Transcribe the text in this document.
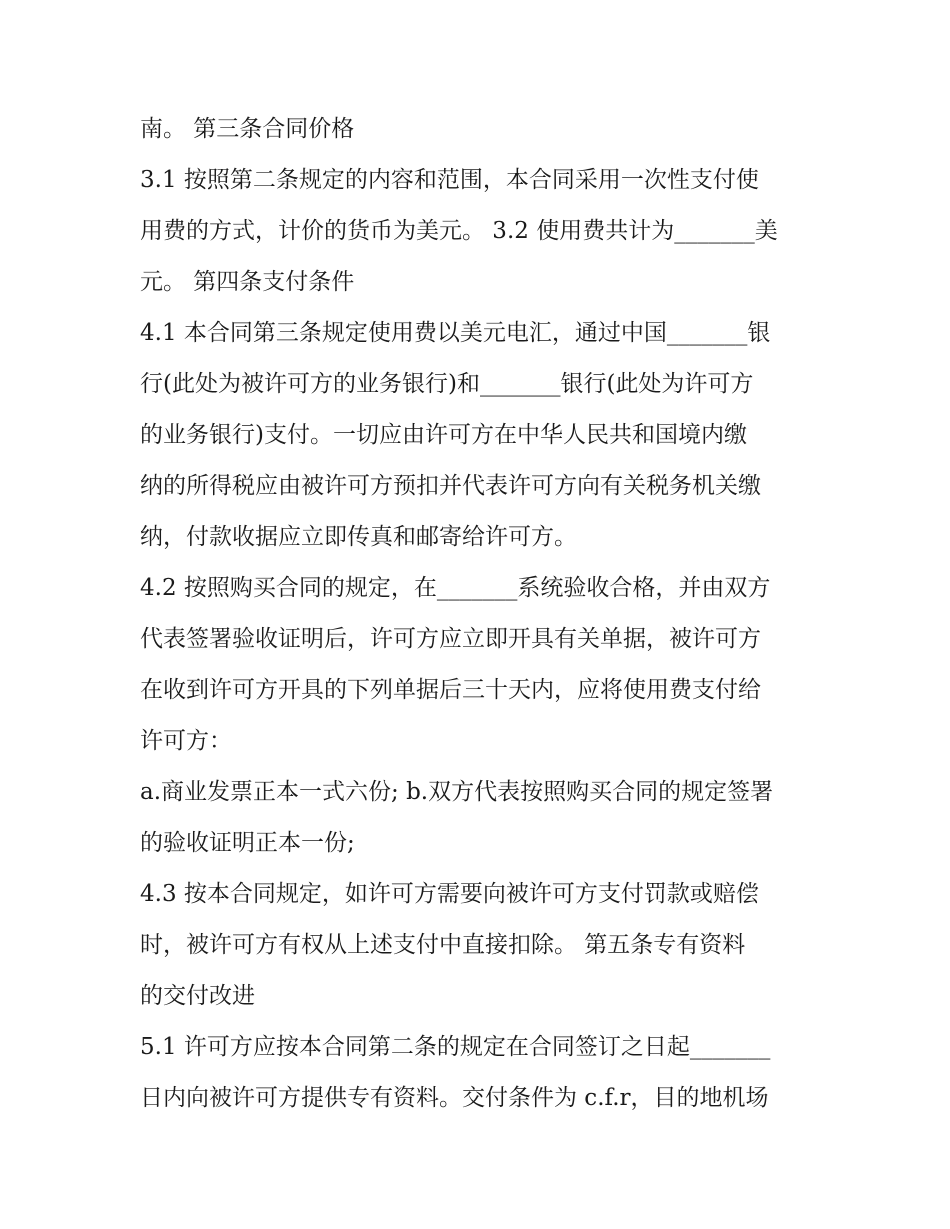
南。 第三条合同价格
3.1 按照第二条规定的内容和范围，本合同采用一次性支付使
用费的方式，计价的货币为美元。 3.2 使用费共计为_______美
元。 第四条支付条件
4.1 本合同第三条规定使用费以美元电汇，通过中国_______银
行(此处为被许可方的业务银行)和_______银行(此处为许可方
的业务银行)支付。一切应由许可方在中华人民共和国境内缴
纳的所得税应由被许可方预扣并代表许可方向有关税务机关缴
纳，付款收据应立即传真和邮寄给许可方。
4.2 按照购买合同的规定，在_______系统验收合格，并由双方
代表签署验收证明后，许可方应立即开具有关单据，被许可方
在收到许可方开具的下列单据后三十天内，应将使用费支付给
许可方：
a.商业发票正本一式六份; b.双方代表按照购买合同的规定签署
的验收证明正本一份;
4.3 按本合同规定，如许可方需要向被许可方支付罚款或赔偿
时，被许可方有权从上述支付中直接扣除。 第五条专有资料
的交付改进
5.1 许可方应按本合同第二条的规定在合同签订之日起_______
日内向被许可方提供专有资料。交付条件为 c.f.r，目的地机场
